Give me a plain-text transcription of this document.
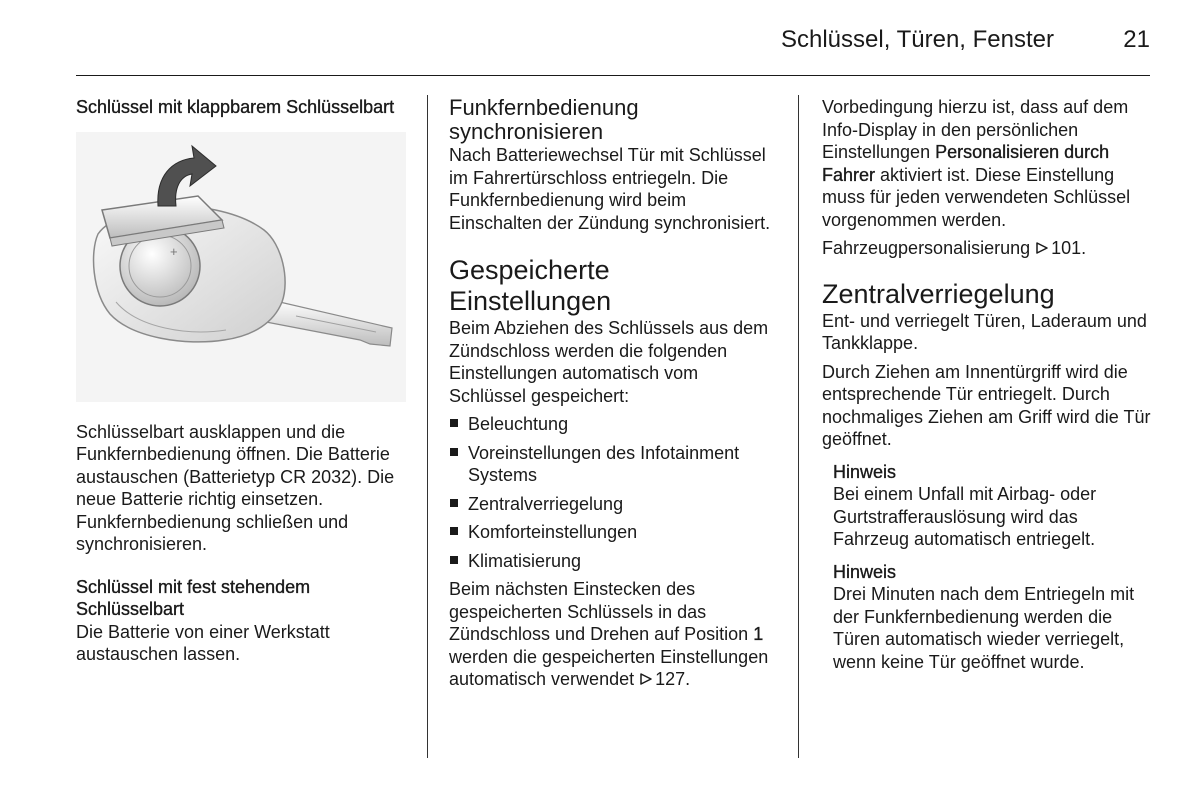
Schlüssel, Türen, Fenster	21
Schlüssel mit klappbarem Schlüsselbart
+

Schlüsselbart ausklappen und die Funkfernbedienung öffnen. Die Batterie austauschen (Batterietyp CR 2032). Die neue Batterie richtig einsetzen. Funkfernbedienung schließen und synchronisieren.

Schlüssel mit fest stehendem Schlüsselbart

Die Batterie von einer Werkstatt austauschen lassen.

Funkfernbedienung synchronisieren

Nach Batteriewechsel Tür mit Schlüssel im Fahrertürschloss entriegeln. Die Funkfernbedienung wird beim Einschalten der Zündung synchronisiert.

Gespeicherte Einstellungen

Beim Abziehen des Schlüssels aus dem Zündschloss werden die folgenden Einstellungen automatisch vom Schlüssel gespeichert:

Beleuchtung
Voreinstellungen des Infotainment Systems
Zentralverriegelung
Komforteinstellungen
Klimatisierung

Beim nächsten Einstecken des gespeicherten Schlüssels in das Zündschloss und Drehen auf Position 1 werden die gespeicherten Einstellungen automatisch verwendet 127.

Vorbedingung hierzu ist, dass auf dem Info-Display in den persönlichen Einstellungen Personalisieren durch Fahrer aktiviert ist. Diese Einstellung muss für jeden verwendeten Schlüssel vorgenommen werden.

Fahrzeugpersonalisierung 101.

Zentralverriegelung

Ent- und verriegelt Türen, Laderaum und Tankklappe.

Durch Ziehen am Innentürgriff wird die entsprechende Tür entriegelt. Durch nochmaliges Ziehen am Griff wird die Tür geöffnet.

Hinweis

Bei einem Unfall mit Airbag- oder Gurtstrafferauslösung wird das Fahrzeug automatisch entriegelt.

Hinweis

Drei Minuten nach dem Entriegeln mit der Funkfernbedienung werden die Türen automatisch wieder verriegelt, wenn keine Tür geöffnet wurde.
